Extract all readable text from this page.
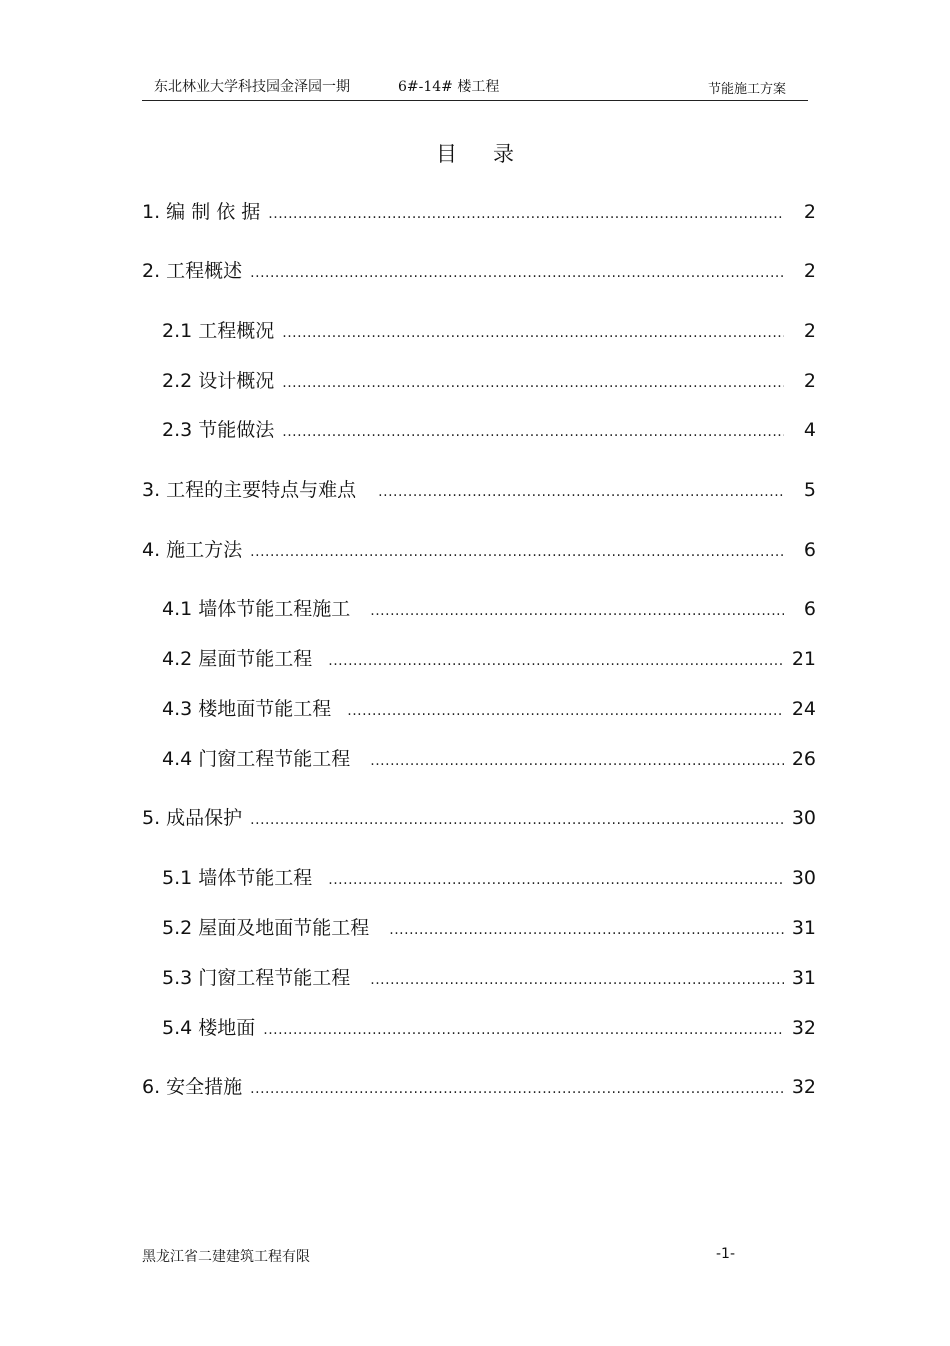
东北林业大学科技园金泽园一期	6#-14# 楼工程	节能施工方案
目录
1. 编 制 依 据 .....	2
2. 工程概述 .....	2
2.1 工程概况 .....	2
2.2 设计概况 .....	2
2.3 节能做法 .....	4
3. 工程的主要特点与难点 .....	5
4. 施工方法 .....	6
4.1 墙体节能工程施工 .....	6
4.2 屋面节能工程 .....	21
4.3 楼地面节能工程 .....	24
4.4 门窗工程节能工程 .....	26
5. 成品保护 .....	30
5.1 墙体节能工程 .....	30
5.2 屋面及地面节能工程 .....	31
5.3 门窗工程节能工程 .....	31
5.4 楼地面 .....	32
6. 安全措施 .....	32
黑龙江省二建建筑工程有限	-1-
